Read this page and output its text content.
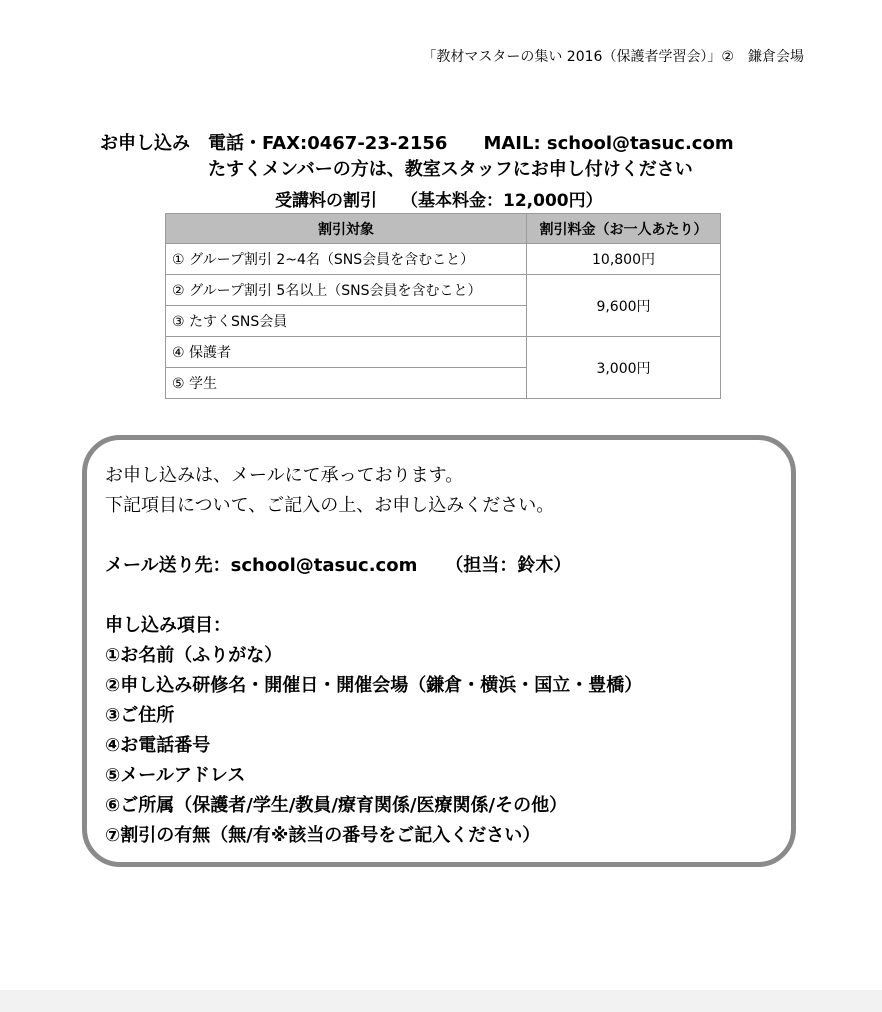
「教材マスターの集い 2016（保護者学習会）」②　鎌倉会場
お申し込み	電話・FAX:0467-23-2156 MAIL: school@tasuc.com
たすくメンバーの方は、教室スタッフにお申し付けください
受講料の割引 （基本料金：12,000円）
割引対象	割引料金（お一人あたり）
① グループ割引 2~4名（SNS会員を含むこと）	10,800円
② グループ割引 5名以上（SNS会員を含むこと）	9,600円
③ たすくSNS会員	
④ 保護者	3,000円
⑤ 学生	
お申し込みは、メールにて承っております。
下記項目について、ご記入の上、お申し込みください。
メール送り先：school@tasuc.com （担当：鈴木）
申し込み項目：
①お名前（ふりがな）
②申し込み研修名・開催日・開催会場（鎌倉・横浜・国立・豊橋）
③ご住所
④お電話番号
⑤メールアドレス
⑥ご所属（保護者/学生/教員/療育関係/医療関係/その他）
⑦割引の有無（無/有※該当の番号をご記入ください）
